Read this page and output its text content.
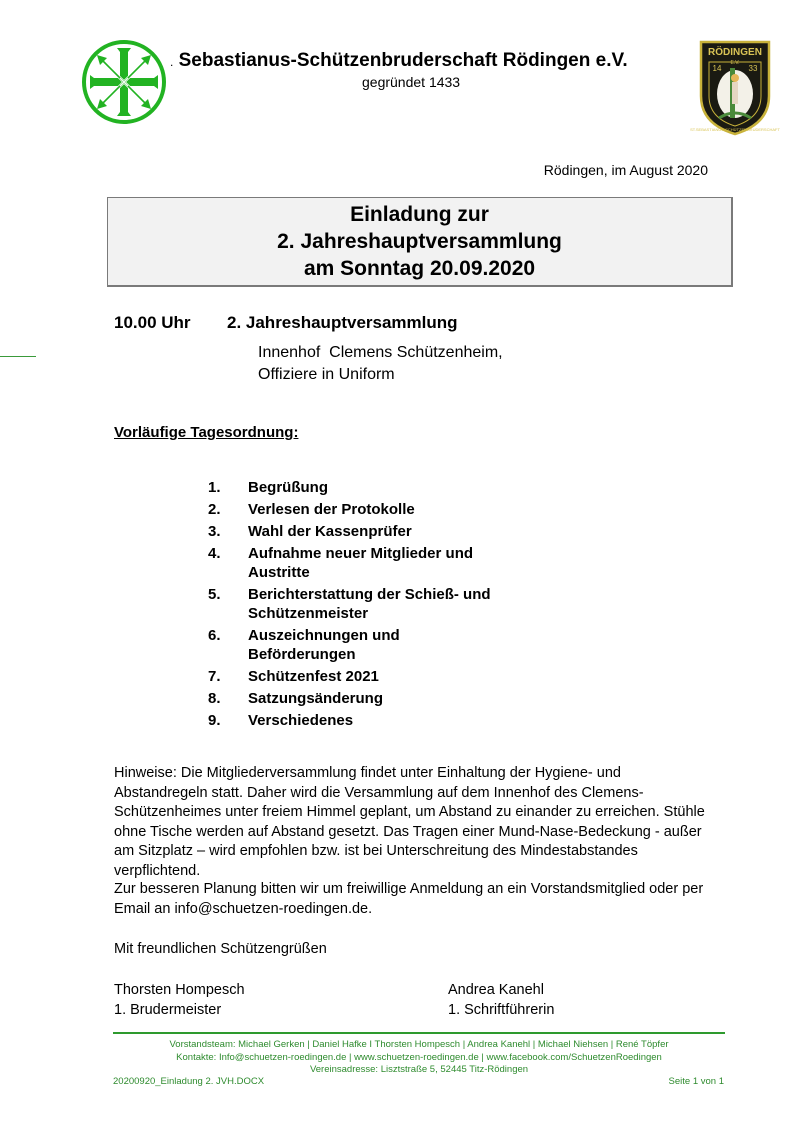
. Sebastianus-Schützenbruderschaft Rödingen e.V.
gegründet 1433
RÖDINGEN
14	33
ST.SEBASTIANUS-SCHÜTZENBRUDERSCHAFT
E.V.
Rödingen, im August 2020
Einladung zur
2. Jahreshauptversammlung
am Sonntag 20.09.2020
10.00 Uhr 2. Jahreshauptversammlung
Innenhof  Clemens Schützenheim,
Offiziere in Uniform
Vorläufige Tagesordnung:
1.	Begrüßung
2.	Verlesen der Protokolle
3.	Wahl der Kassenprüfer
4.	Aufnahme neuer Mitglieder und Austritte
5.	Berichterstattung der Schieß- und Schützenmeister
6.	Auszeichnungen und Beförderungen
7.	Schützenfest 2021
8.	Satzungsänderung
9.	Verschiedenes
Hinweise: Die Mitgliederversammlung findet unter Einhaltung der Hygiene- und Abstandregeln statt. Daher wird die Versammlung auf dem Innenhof des Clemens-Schützenheimes unter freiem Himmel geplant, um Abstand zu einander zu erreichen. Stühle ohne Tische werden auf Abstand gesetzt. Das Tragen einer Mund-Nase-Bedeckung - außer am Sitzplatz – wird empfohlen bzw. ist bei Unterschreitung des Mindestabstandes verpflichtend.
Zur besseren Planung bitten wir um freiwillige Anmeldung an ein Vorstandsmitglied oder per Email an info@schuetzen-roedingen.de.
Mit freundlichen Schützengrüßen
Thorsten Hompesch
1. Brudermeister
Andrea Kanehl
1. Schriftführerin
Vorstandsteam: Michael Gerken | Daniel Hafke I Thorsten Hompesch | Andrea Kanehl | Michael Niehsen | René Töpfer
Kontakte: Info@schuetzen-roedingen.de | www.schuetzen-roedingen.de | www.facebook.com/SchuetzenRoedingen
Vereinsadresse: Lisztstraße 5, 52445 Titz-Rödingen
20200920_Einladung 2. JVH.DOCX	Seite 1 von 1
